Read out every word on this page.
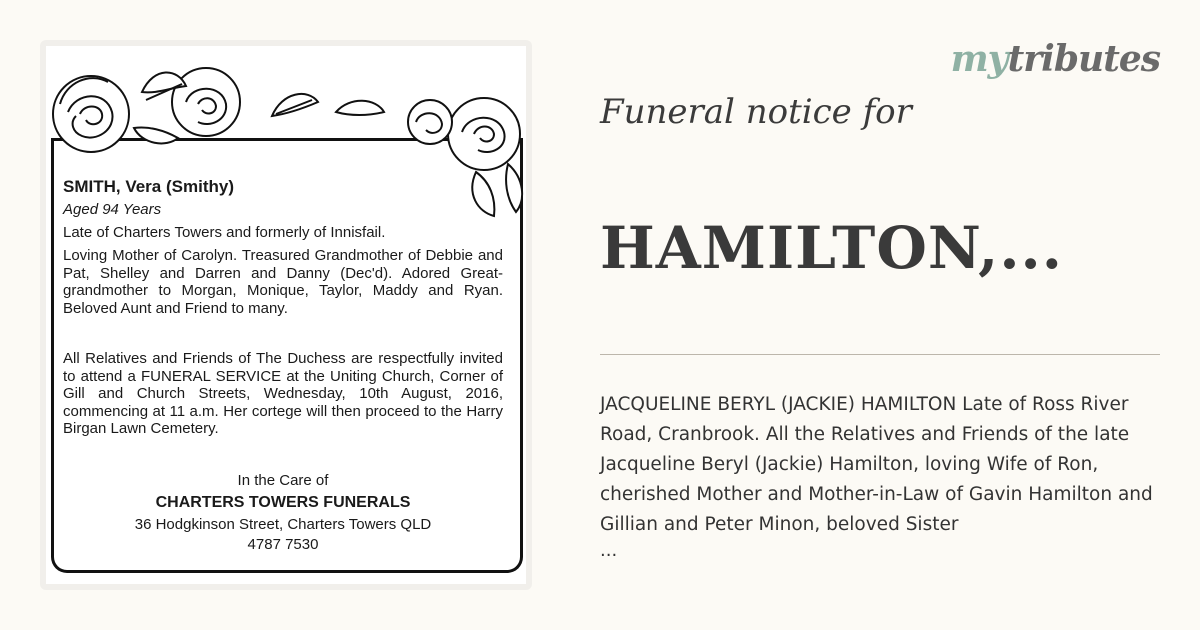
SMITH, Vera (Smithy)
Aged 94 Years
Late of Charters Towers and formerly of Innisfail.
Loving Mother of Carolyn. Treasured Grandmother of Debbie and Pat, Shelley and Darren and Danny (Dec'd). Adored Great-grandmother to Morgan, Monique, Taylor, Maddy and Ryan. Beloved Aunt and Friend to many.
All Relatives and Friends of The Duchess are respectfully invited to attend a FUNERAL SERVICE at the Uniting Church, Corner of Gill and Church Streets, Wednesday, 10th August, 2016, commencing at 11 a.m. Her cortege will then proceed to the Harry Birgan Lawn Cemetery.
In the Care of
CHARTERS TOWERS FUNERALS
36 Hodgkinson Street, Charters Towers QLD
4787 7530
mytributes
Funeral notice for
HAMILTON,...
JACQUELINE BERYL (JACKIE) HAMILTON Late of Ross River Road, Cranbrook. All the Relatives and Friends of the late Jacqueline Beryl (Jackie) Hamilton, loving Wife of Ron, cherished Mother and Mother-in-Law of Gavin Hamilton and Gillian and Peter Minon, beloved Sister
...
